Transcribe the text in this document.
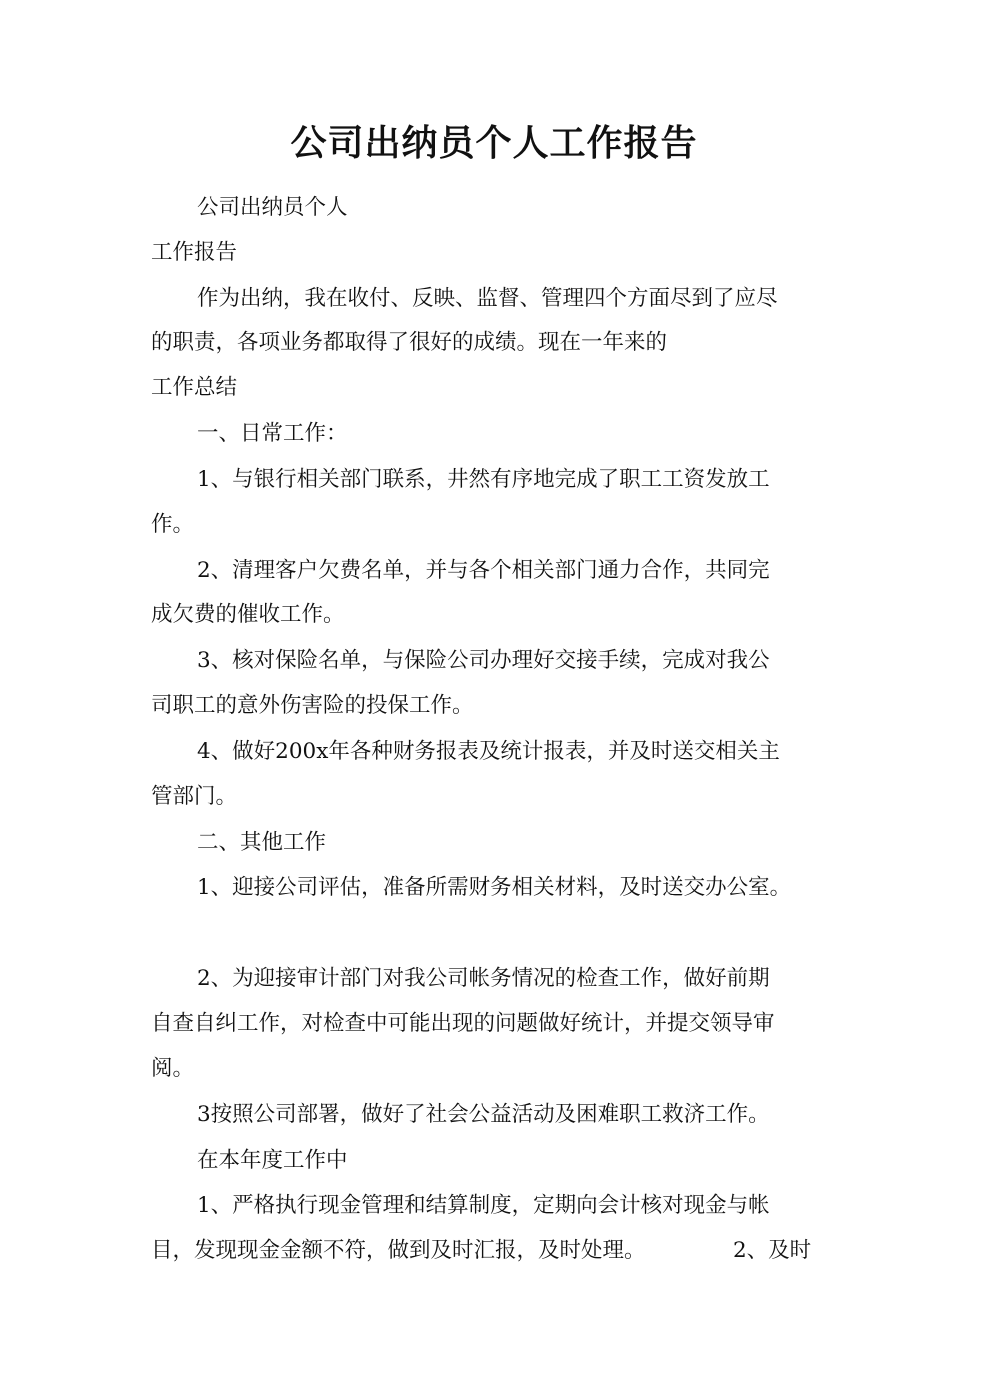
公司出纳员个人工作报告

公司出纳员个人

工作报告

作为出纳，我在收付、反映、监督、管理四个方面尽到了应尽

的职责，各项业务都取得了很好的成绩。现在一年来的

工作总结

一、日常工作：

1、与银行相关部门联系，井然有序地完成了职工工资发放工

作。

2、清理客户欠费名单，并与各个相关部门通力合作，共同完

成欠费的催收工作。

3、核对保险名单，与保险公司办理好交接手续，完成对我公

司职工的意外伤害险的投保工作。

4、做好200x年各种财务报表及统计报表，并及时送交相关主

管部门。

二、其他工作

1、迎接公司评估，准备所需财务相关材料，及时送交办公室。

2、为迎接审计部门对我公司帐务情况的检查工作，做好前期

自查自纠工作，对检查中可能出现的问题做好统计，并提交领导审

阅。

3按照公司部署，做好了社会公益活动及困难职工救济工作。

在本年度工作中

1、严格执行现金管理和结算制度，定期向会计核对现金与帐

目，发现现金金额不符，做到及时汇报，及时处理。	2、及时
